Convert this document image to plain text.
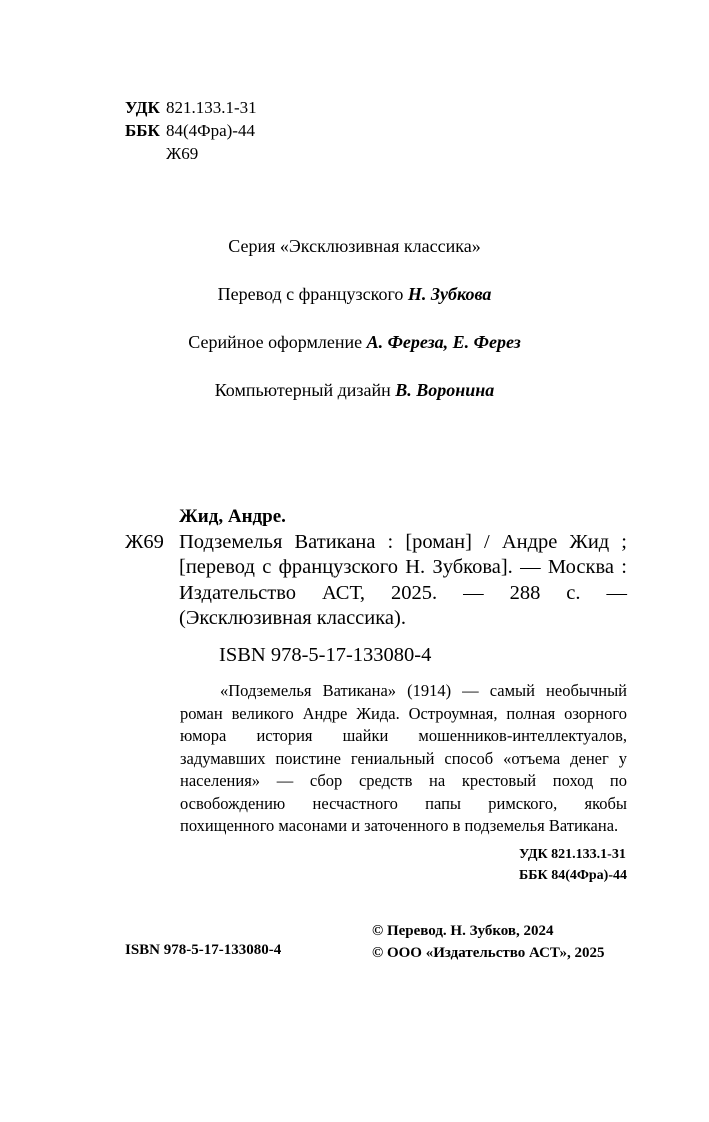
УДК 821.133.1-31
ББК 84(4Фра)-44
Ж69
Серия «Эксклюзивная классика»
Перевод с французского Н. Зубкова
Серийное оформление А. Фереза, Е. Ферез
Компьютерный дизайн В. Воронина
Жид, Андре.
Ж69 Подземелья Ватикана : [роман] / Андре Жид ; [перевод с французского Н. Зубкова]. — Москва : Издательство АСТ, 2025. — 288 с. — (Эксклюзивная классика).
ISBN 978-5-17-133080-4
«Подземелья Ватикана» (1914) — самый необычный роман великого Андре Жида. Остроумная, полная озорного юмора история шайки мошенников-интеллектуалов, задумавших поистине гениальный способ «отъема денег у населения» — сбор средств на крестовый поход по освобождению несчастного папы римского, якобы похищенного масонами и заточенного в подземелья Ватикана.
УДК 821.133.1-31
ББК 84(4Фра)-44
ISBN 978-5-17-133080-4
© Перевод. Н. Зубков, 2024
© ООО «Издательство АСТ», 2025
